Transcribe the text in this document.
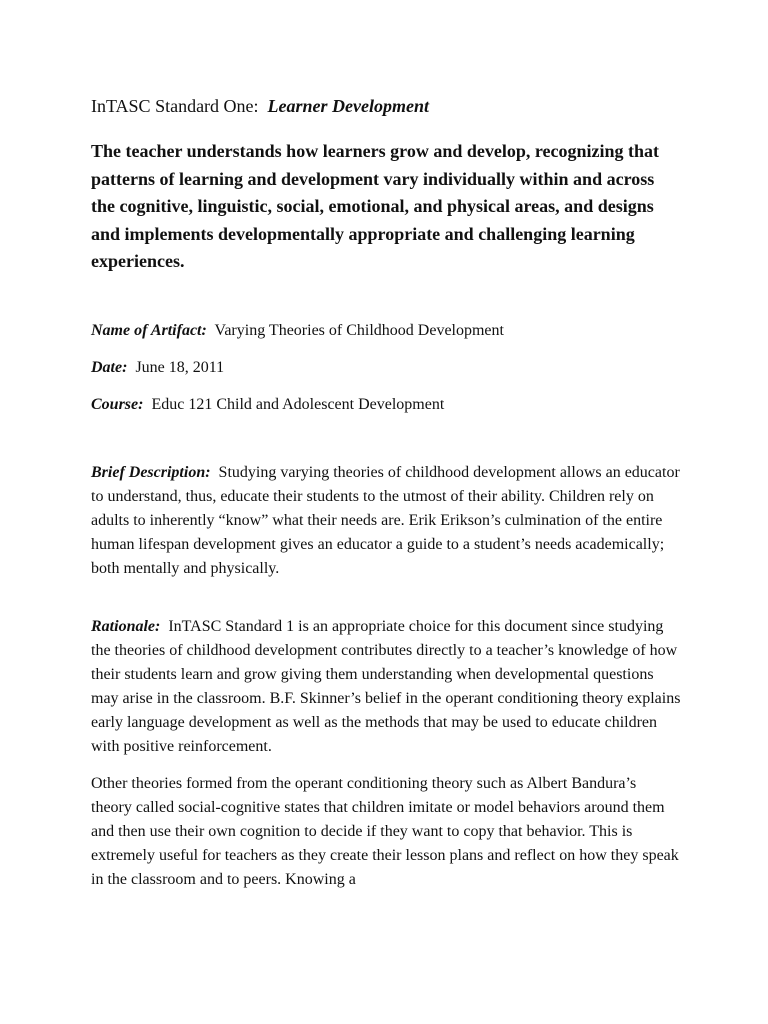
InTASC Standard One: Learner Development

The teacher understands how learners grow and develop, recognizing that patterns of learning and development vary individually within and across the cognitive, linguistic, social, emotional, and physical areas, and designs and implements developmentally appropriate and challenging learning experiences.

Name of Artifact: Varying Theories of Childhood Development

Date: June 18, 2011

Course: Educ 121 Child and Adolescent Development

Brief Description: Studying varying theories of childhood development allows an educator to understand, thus, educate their students to the utmost of their ability. Children rely on adults to inherently “know” what their needs are. Erik Erikson’s culmination of the entire human lifespan development gives an educator a guide to a student’s needs academically; both mentally and physically.

Rationale: InTASC Standard 1 is an appropriate choice for this document since studying the theories of childhood development contributes directly to a teacher’s knowledge of how their students learn and grow giving them understanding when developmental questions may arise in the classroom. B.F. Skinner’s belief in the operant conditioning theory explains early language development as well as the methods that may be used to educate children with positive reinforcement.

Other theories formed from the operant conditioning theory such as Albert Bandura’s theory called social-cognitive states that children imitate or model behaviors around them and then use their own cognition to decide if they want to copy that behavior. This is extremely useful for teachers as they create their lesson plans and reflect on how they speak in the classroom and to peers. Knowing a
